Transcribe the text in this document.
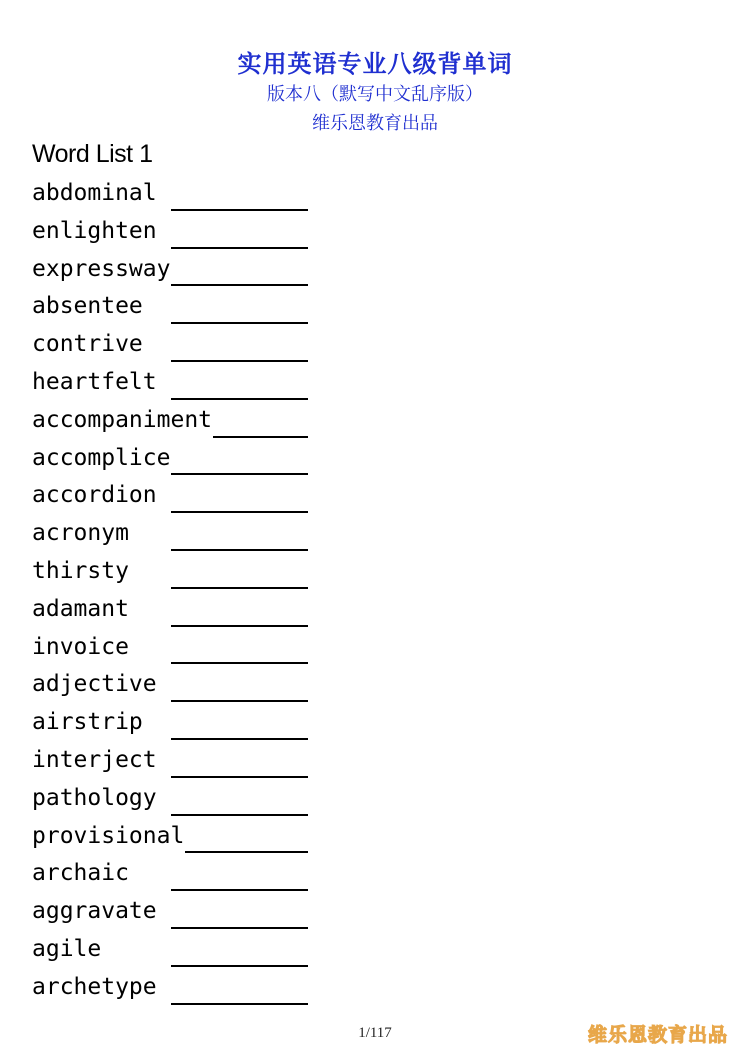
实用英语专业八级背单词
版本八（默写中文乱序版）
维乐恩教育出品
Word List 1
abdominal
enlighten
expressway
absentee
contrive
heartfelt
accompaniment
accomplice
accordion
acronym
thirsty
adamant
invoice
adjective
airstrip
interject
pathology
provisional
archaic
aggravate
agile
archetype
1/117	维乐恩教育出品
